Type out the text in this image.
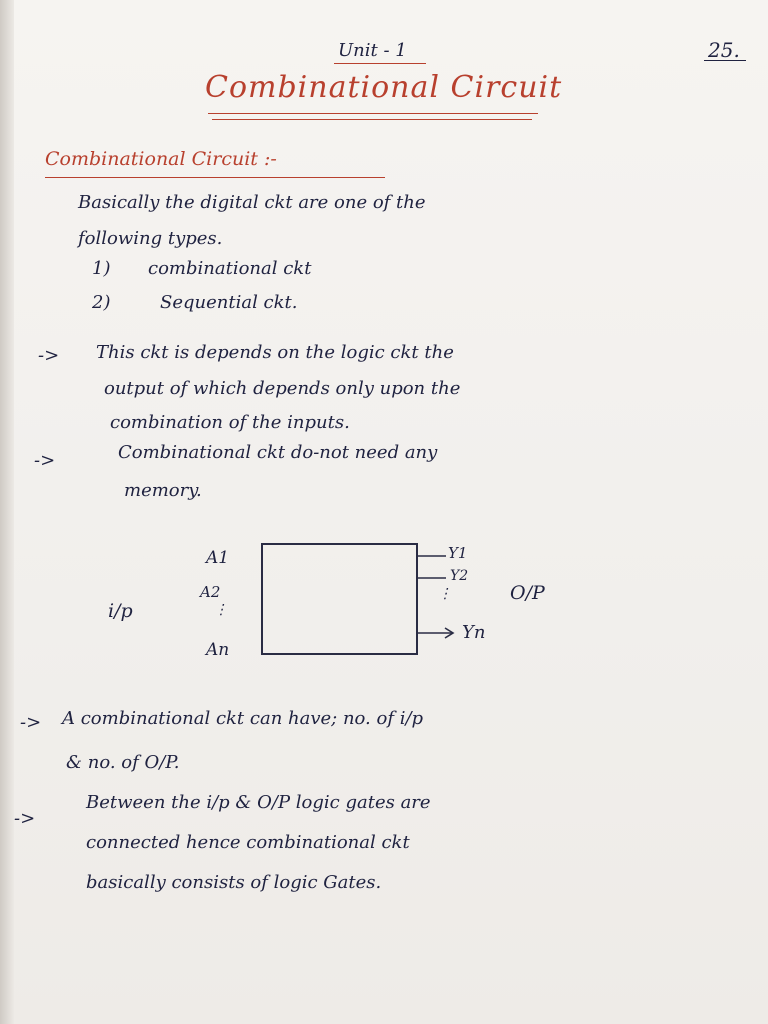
Unit - 1	25.
Combinational Circuit
Combinational Circuit :-
Basically the digital ckt are one of the
following types.
1) combinational ckt
2)	Sequential ckt.
-> This ckt is depends on the logic ckt the
output of which depends only upon the
combination of the inputs.
->	Combinational ckt do-not need any
memory.
A1
A2
⋮
An
i/p
Y1
Y2
⋮
Yn
O/P
-> A combinational ckt can have; no. of i/p
& no. of O/P.
->
Between the i/p & O/P logic gates are
connected hence combinational ckt
basically consists of logic Gates.
